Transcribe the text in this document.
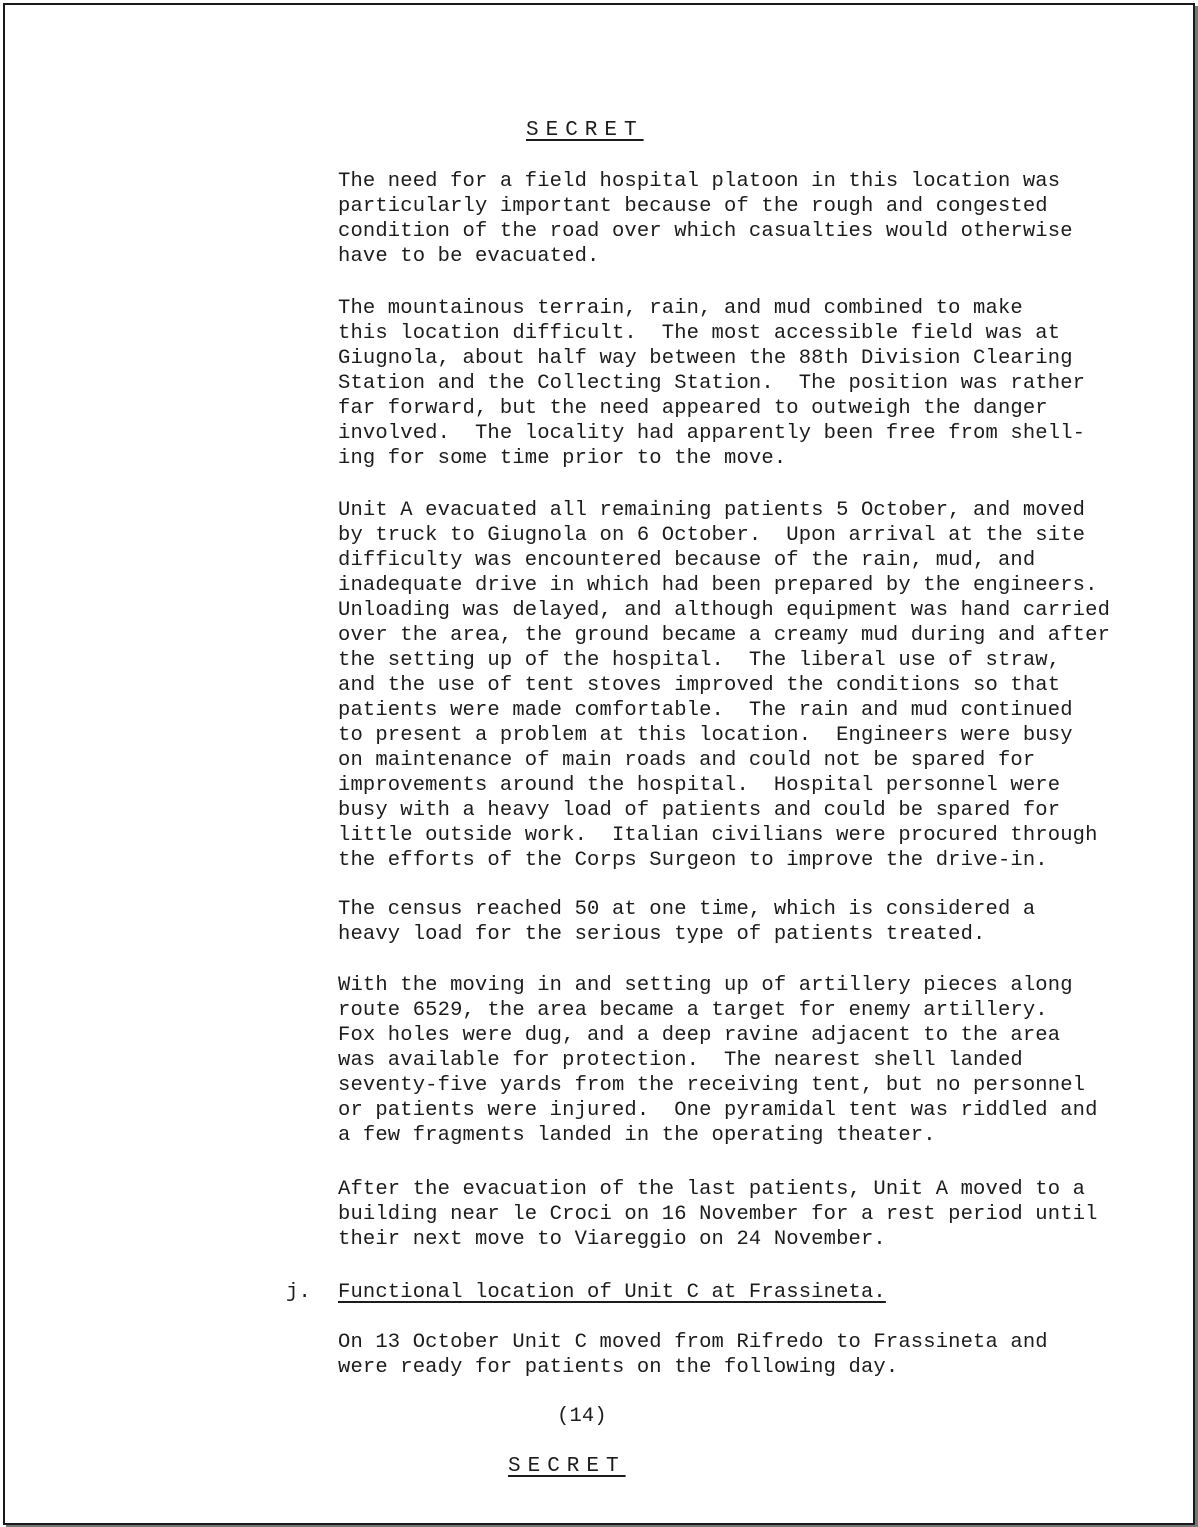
SECRET
The need for a field hospital platoon in this location was
particularly important because of the rough and congested
condition of the road over which casualties would otherwise
have to be evacuated.
The mountainous terrain, rain, and mud combined to make
this location difficult.  The most accessible field was at
Giugnola, about half way between the 88th Division Clearing
Station and the Collecting Station.  The position was rather
far forward, but the need appeared to outweigh the danger
involved.  The locality had apparently been free from shell-
ing for some time prior to the move.
Unit A evacuated all remaining patients 5 October, and moved
by truck to Giugnola on 6 October.  Upon arrival at the site
difficulty was encountered because of the rain, mud, and
inadequate drive in which had been prepared by the engineers.
Unloading was delayed, and although equipment was hand carried
over the area, the ground became a creamy mud during and after
the setting up of the hospital.  The liberal use of straw,
and the use of tent stoves improved the conditions so that
patients were made comfortable.  The rain and mud continued
to present a problem at this location.  Engineers were busy
on maintenance of main roads and could not be spared for
improvements around the hospital.  Hospital personnel were
busy with a heavy load of patients and could be spared for
little outside work.  Italian civilians were procured through
the efforts of the Corps Surgeon to improve the drive-in.
The census reached 50 at one time, which is considered a
heavy load for the serious type of patients treated.
With the moving in and setting up of artillery pieces along
route 6529, the area became a target for enemy artillery.
Fox holes were dug, and a deep ravine adjacent to the area
was available for protection.  The nearest shell landed
seventy-five yards from the receiving tent, but no personnel
or patients were injured.  One pyramidal tent was riddled and
a few fragments landed in the operating theater.
After the evacuation of the last patients, Unit A moved to a
building near le Croci on 16 November for a rest period until
their next move to Viareggio on 24 November.
j. Functional location of Unit C at Frassineta.
On 13 October Unit C moved from Rifredo to Frassineta and
were ready for patients on the following day.
(14)
SECRET
